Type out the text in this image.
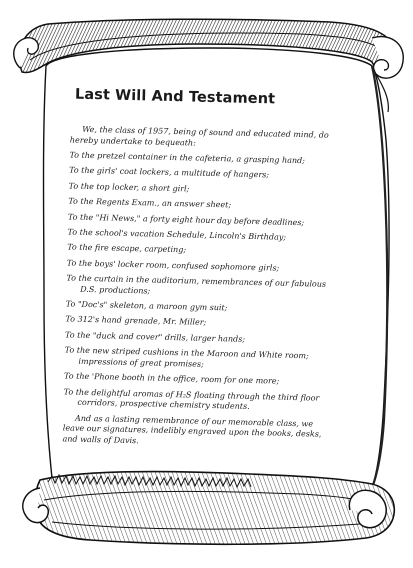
Last Will And Testament

We, the class of 1957, being of sound and educated mind, do hereby undertake to bequeath:

To the pretzel container in the cafeteria, a grasping hand;

To the girls' coat lockers, a multitude of hangers;

To the top locker, a short girl;

To the Regents Exam., an answer sheet;

To the "Hi News," a forty eight hour day before deadlines;

To the school's vacation Schedule, Lincoln's Birthday;

To the fire escape, carpeting;

To the boys' locker room, confused sophomore girls;

To the curtain in the auditorium, remembrances of our fabulous D.S. productions;

To "Doc's" skeleton, a maroon gym suit;

To 312's hand grenade, Mr. Miller;

To the "duck and cover" drills, larger hands;

To the new striped cushions in the Maroon and White room; impressions of great promises;

To the 'Phone booth in the office, room for one more;

To the delightful aromas of H₂S floating through the third floor corridors, prospective chemistry students.

And as a lasting remembrance of our memorable class, we leave our signatures, indelibly engraved upon the books, desks, and walls of Davis.
